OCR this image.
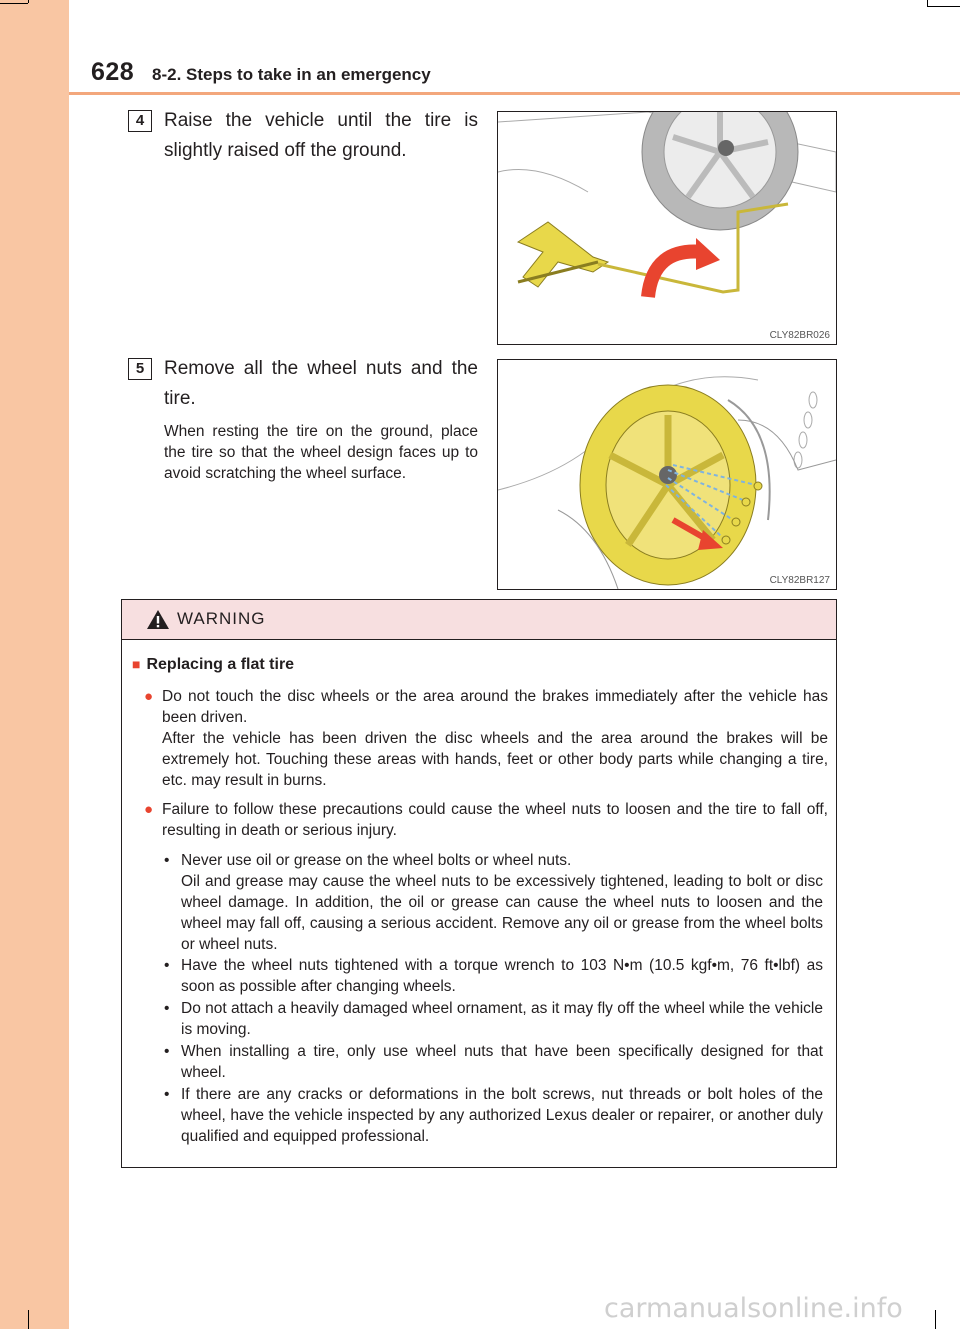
628 8-2. Steps to take in an emergency
4	Raise the vehicle until the tire is slightly raised off the ground.
CLY82BR026
5	Remove all the wheel nuts and the tire.
When resting the tire on the ground, place the tire so that the wheel design faces up to avoid scratching the wheel surface.
CLY82BR127
WARNING
■ Replacing a flat tire
● Do not touch the disc wheels or the area around the brakes immediately after the vehicle has been driven.
After the vehicle has been driven the disc wheels and the area around the brakes will be extremely hot. Touching these areas with hands, feet or other body parts while changing a tire, etc. may result in burns.
● Failure to follow these precautions could cause the wheel nuts to loosen and the tire to fall off, resulting in death or serious injury.
• Never use oil or grease on the wheel bolts or wheel nuts.
Oil and grease may cause the wheel nuts to be excessively tightened, leading to bolt or disc wheel damage. In addition, the oil or grease can cause the wheel nuts to loosen and the wheel may fall off, causing a serious accident. Remove any oil or grease from the wheel bolts or wheel nuts.
• Have the wheel nuts tightened with a torque wrench to 103 N•m (10.5 kgf•m, 76 ft•lbf) as soon as possible after changing wheels.
• Do not attach a heavily damaged wheel ornament, as it may fly off the wheel while the vehicle is moving.
• When installing a tire, only use wheel nuts that have been specifically designed for that wheel.
• If there are any cracks or deformations in the bolt screws, nut threads or bolt holes of the wheel, have the vehicle inspected by any authorized Lexus dealer or repairer, or another duly qualified and equipped professional.
carmanualsonline.info
